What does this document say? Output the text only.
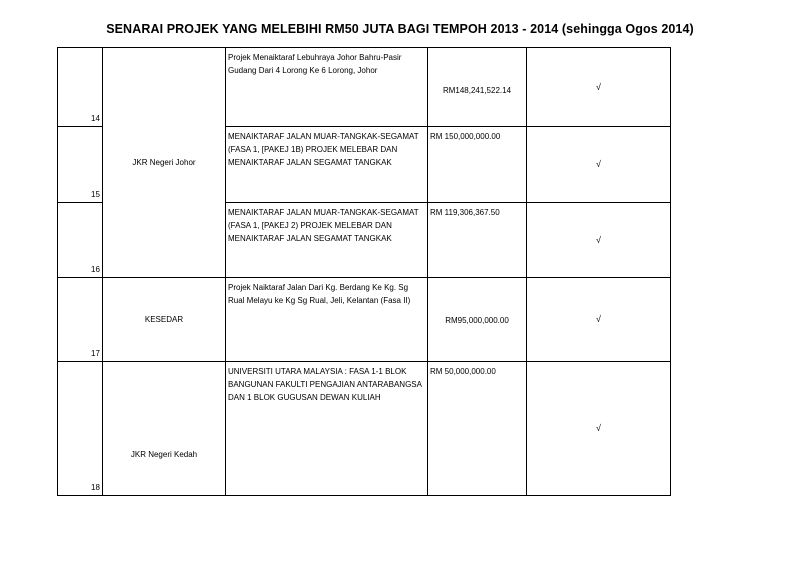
SENARAI PROJEK YANG MELEBIHI RM50 JUTA BAGI TEMPOH 2013 - 2014 (sehingga Ogos 2014)
14	JKR Negeri Johor	Projek Menaiktaraf Lebuhraya Johor Bahru-Pasir Gudang Dari 4 Lorong Ke 6 Lorong, Johor	RM148,241,522.14	√
15		MENAIKTARAF JALAN MUAR-TANGKAK-SEGAMAT (FASA 1, [PAKEJ 1B) PROJEK MELEBAR DAN MENAIKTARAF JALAN SEGAMAT TANGKAK	RM 150,000,000.00	√
16		MENAIKTARAF JALAN MUAR-TANGKAK-SEGAMAT (FASA 1, [PAKEJ 2) PROJEK MELEBAR DAN MENAIKTARAF JALAN SEGAMAT TANGKAK	RM 119,306,367.50	√
17	KESEDAR	Projek Naiktaraf Jalan Dari Kg. Berdang Ke Kg. Sg Rual Melayu ke Kg Sg Rual, Jeli, Kelantan (Fasa II)	RM95,000,000.00	√
18	JKR Negeri Kedah	UNIVERSITI UTARA MALAYSIA : FASA 1-1 BLOK BANGUNAN FAKULTI PENGAJIAN ANTARABANGSA DAN 1 BLOK GUGUSAN DEWAN KULIAH	RM 50,000,000.00	√
